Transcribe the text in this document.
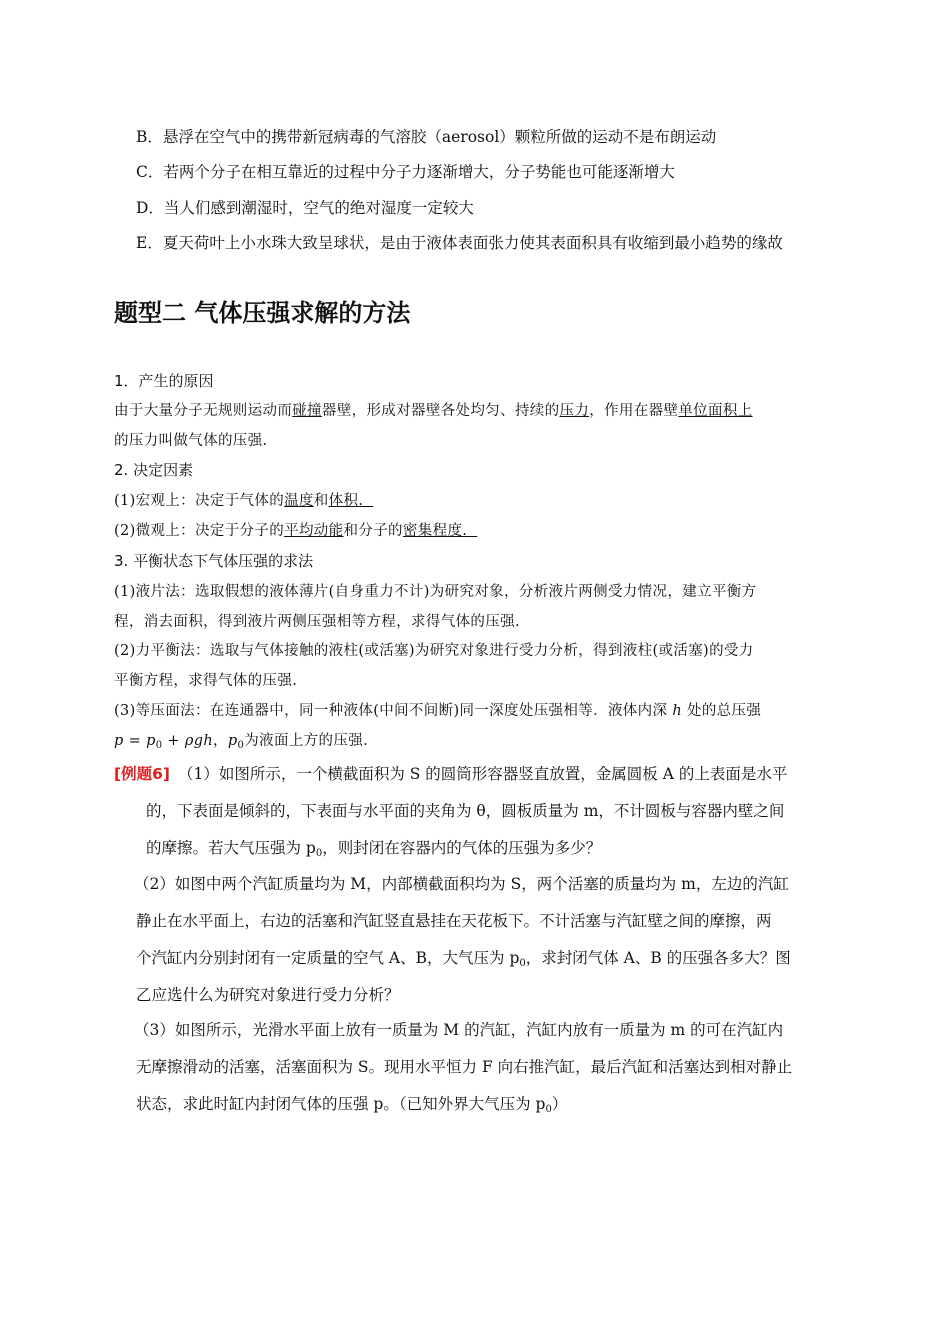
B．悬浮在空气中的携带新冠病毒的气溶胶（aerosol）颗粒所做的运动不是布朗运动
C．若两个分子在相互靠近的过程中分子力逐渐增大，分子势能也可能逐渐增大
D．当人们感到潮湿时，空气的绝对湿度一定较大
E．夏天荷叶上小水珠大致呈球状，是由于液体表面张力使其表面积具有收缩到最小趋势的缘故
题型二 气体压强求解的方法
1．产生的原因
由于大量分子无规则运动而碰撞器壁，形成对器壁各处均匀、持续的压力，作用在器壁单位面积上
的压力叫做气体的压强.
2. 决定因素
(1)宏观上：决定于气体的温度和体积.
(2)微观上：决定于分子的平均动能和分子的密集程度.
3. 平衡状态下气体压强的求法
(1)液片法：选取假想的液体薄片(自身重力不计)为研究对象，分析液片两侧受力情况，建立平衡方
程，消去面积，得到液片两侧压强相等方程，求得气体的压强.
(2)力平衡法：选取与气体接触的液柱(或活塞)为研究对象进行受力分析，得到液柱(或活塞)的受力
平衡方程，求得气体的压强.
(3)等压面法：在连通器中，同一种液体(中间不间断)同一深度处压强相等．液体内深 h 处的总压强
$p = p_0 + \rho gh$，$p_0$为液面上方的压强.
[例题6] （1）如图所示，一个横截面积为 S 的圆筒形容器竖直放置，金属圆板 A 的上表面是水平
的，下表面是倾斜的，下表面与水平面的夹角为 θ，圆板质量为 m，不计圆板与容器内壁之间
的摩擦。若大气压强为 $p_0$，则封闭在容器内的气体的压强为多少？
（2）如图中两个汽缸质量均为 M，内部横截面积均为 S，两个活塞的质量均为 m，左边的汽缸
静止在水平面上，右边的活塞和汽缸竖直悬挂在天花板下。不计活塞与汽缸壁之间的摩擦，两
个汽缸内分别封闭有一定质量的空气 A、B，大气压为 $p_0$，求封闭气体 A、B 的压强各多大？图
乙应选什么为研究对象进行受力分析？
（3）如图所示，光滑水平面上放有一质量为 M 的汽缸，汽缸内放有一质量为 m 的可在汽缸内
无摩擦滑动的活塞，活塞面积为 S。现用水平恒力 F 向右推汽缸，最后汽缸和活塞达到相对静止
状态，求此时缸内封闭气体的压强 p。（已知外界大气压为 $p_0$）
